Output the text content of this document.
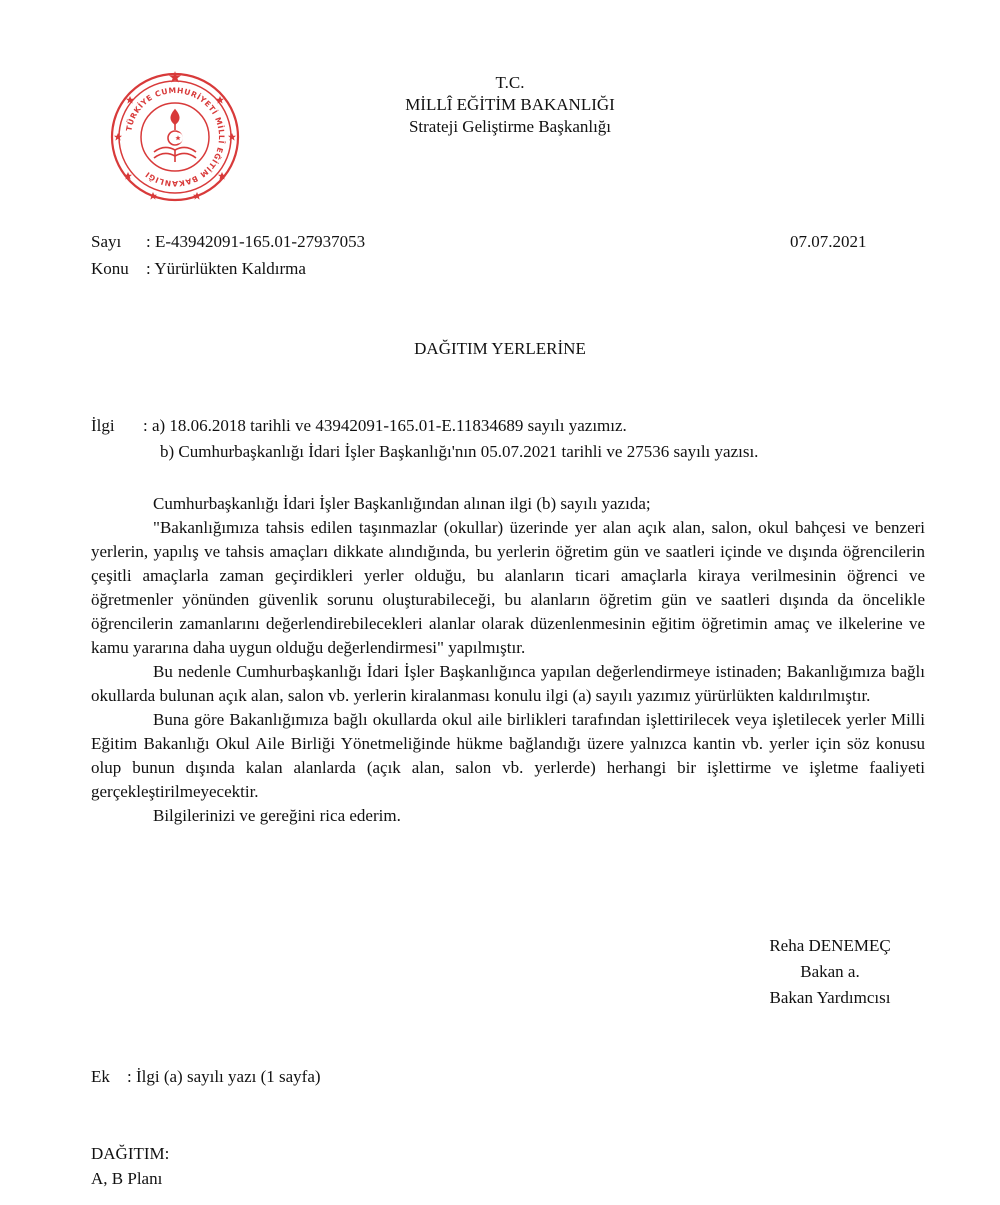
TÜRKİYE CUMHURİYETİ MİLLÎ EĞİTİM BAKANLIĞI
T.C.
MİLLÎ EĞİTİM BAKANLIĞI
Strateji Geliştirme Başkanlığı
Sayı : E-43942091-165.01-27937053	07.07.2021
Konu : Yürürlükten Kaldırma
DAĞITIM YERLERİNE
İlgi : a) 18.06.2018 tarihli ve 43942091-165.01-E.11834689 sayılı yazımız.
b) Cumhurbaşkanlığı İdari İşler Başkanlığı'nın 05.07.2021 tarihli ve 27536 sayılı yazısı.

Cumhurbaşkanlığı İdari İşler Başkanlığından alınan ilgi (b) sayılı yazıda;

"Bakanlığımıza tahsis edilen taşınmazlar (okullar) üzerinde yer alan açık alan, salon, okul bahçesi ve benzeri yerlerin, yapılış ve tahsis amaçları dikkate alındığında, bu yerlerin öğretim gün ve saatleri içinde ve dışında öğrencilerin çeşitli amaçlarla zaman geçirdikleri yerler olduğu, bu alanların ticari amaçlarla kiraya verilmesinin öğrenci ve öğretmenler yönünden güvenlik sorunu oluşturabileceği, bu alanların öğretim gün ve saatleri dışında da öncelikle öğrencilerin zamanlarını değerlendirebilecekleri alanlar olarak düzenlenmesinin eğitim öğretimin amaç ve ilkelerine ve kamu yararına daha uygun olduğu değerlendirmesi" yapılmıştır.

Bu nedenle Cumhurbaşkanlığı İdari İşler Başkanlığınca yapılan değerlendirmeye istinaden; Bakanlığımıza bağlı okullarda bulunan açık alan, salon vb. yerlerin kiralanması konulu ilgi (a) sayılı yazımız yürürlükten kaldırılmıştır.

Buna göre Bakanlığımıza bağlı okullarda okul aile birlikleri tarafından işlettirilecek veya işletilecek yerler Milli Eğitim Bakanlığı Okul Aile Birliği Yönetmeliğinde hükme bağlandığı üzere yalnızca kantin vb. yerler için söz konusu olup bunun dışında kalan alanlarda (açık alan, salon vb. yerlerde) herhangi bir işlettirme ve işletme faaliyeti gerçekleştirilmeyecektir.

Bilgilerinizi ve gereğini rica ederim.

Reha DENEMEÇ
Bakan a.
Bakan Yardımcısı
Ek : İlgi (a) sayılı yazı (1 sayfa)
DAĞITIM:
A, B Planı
